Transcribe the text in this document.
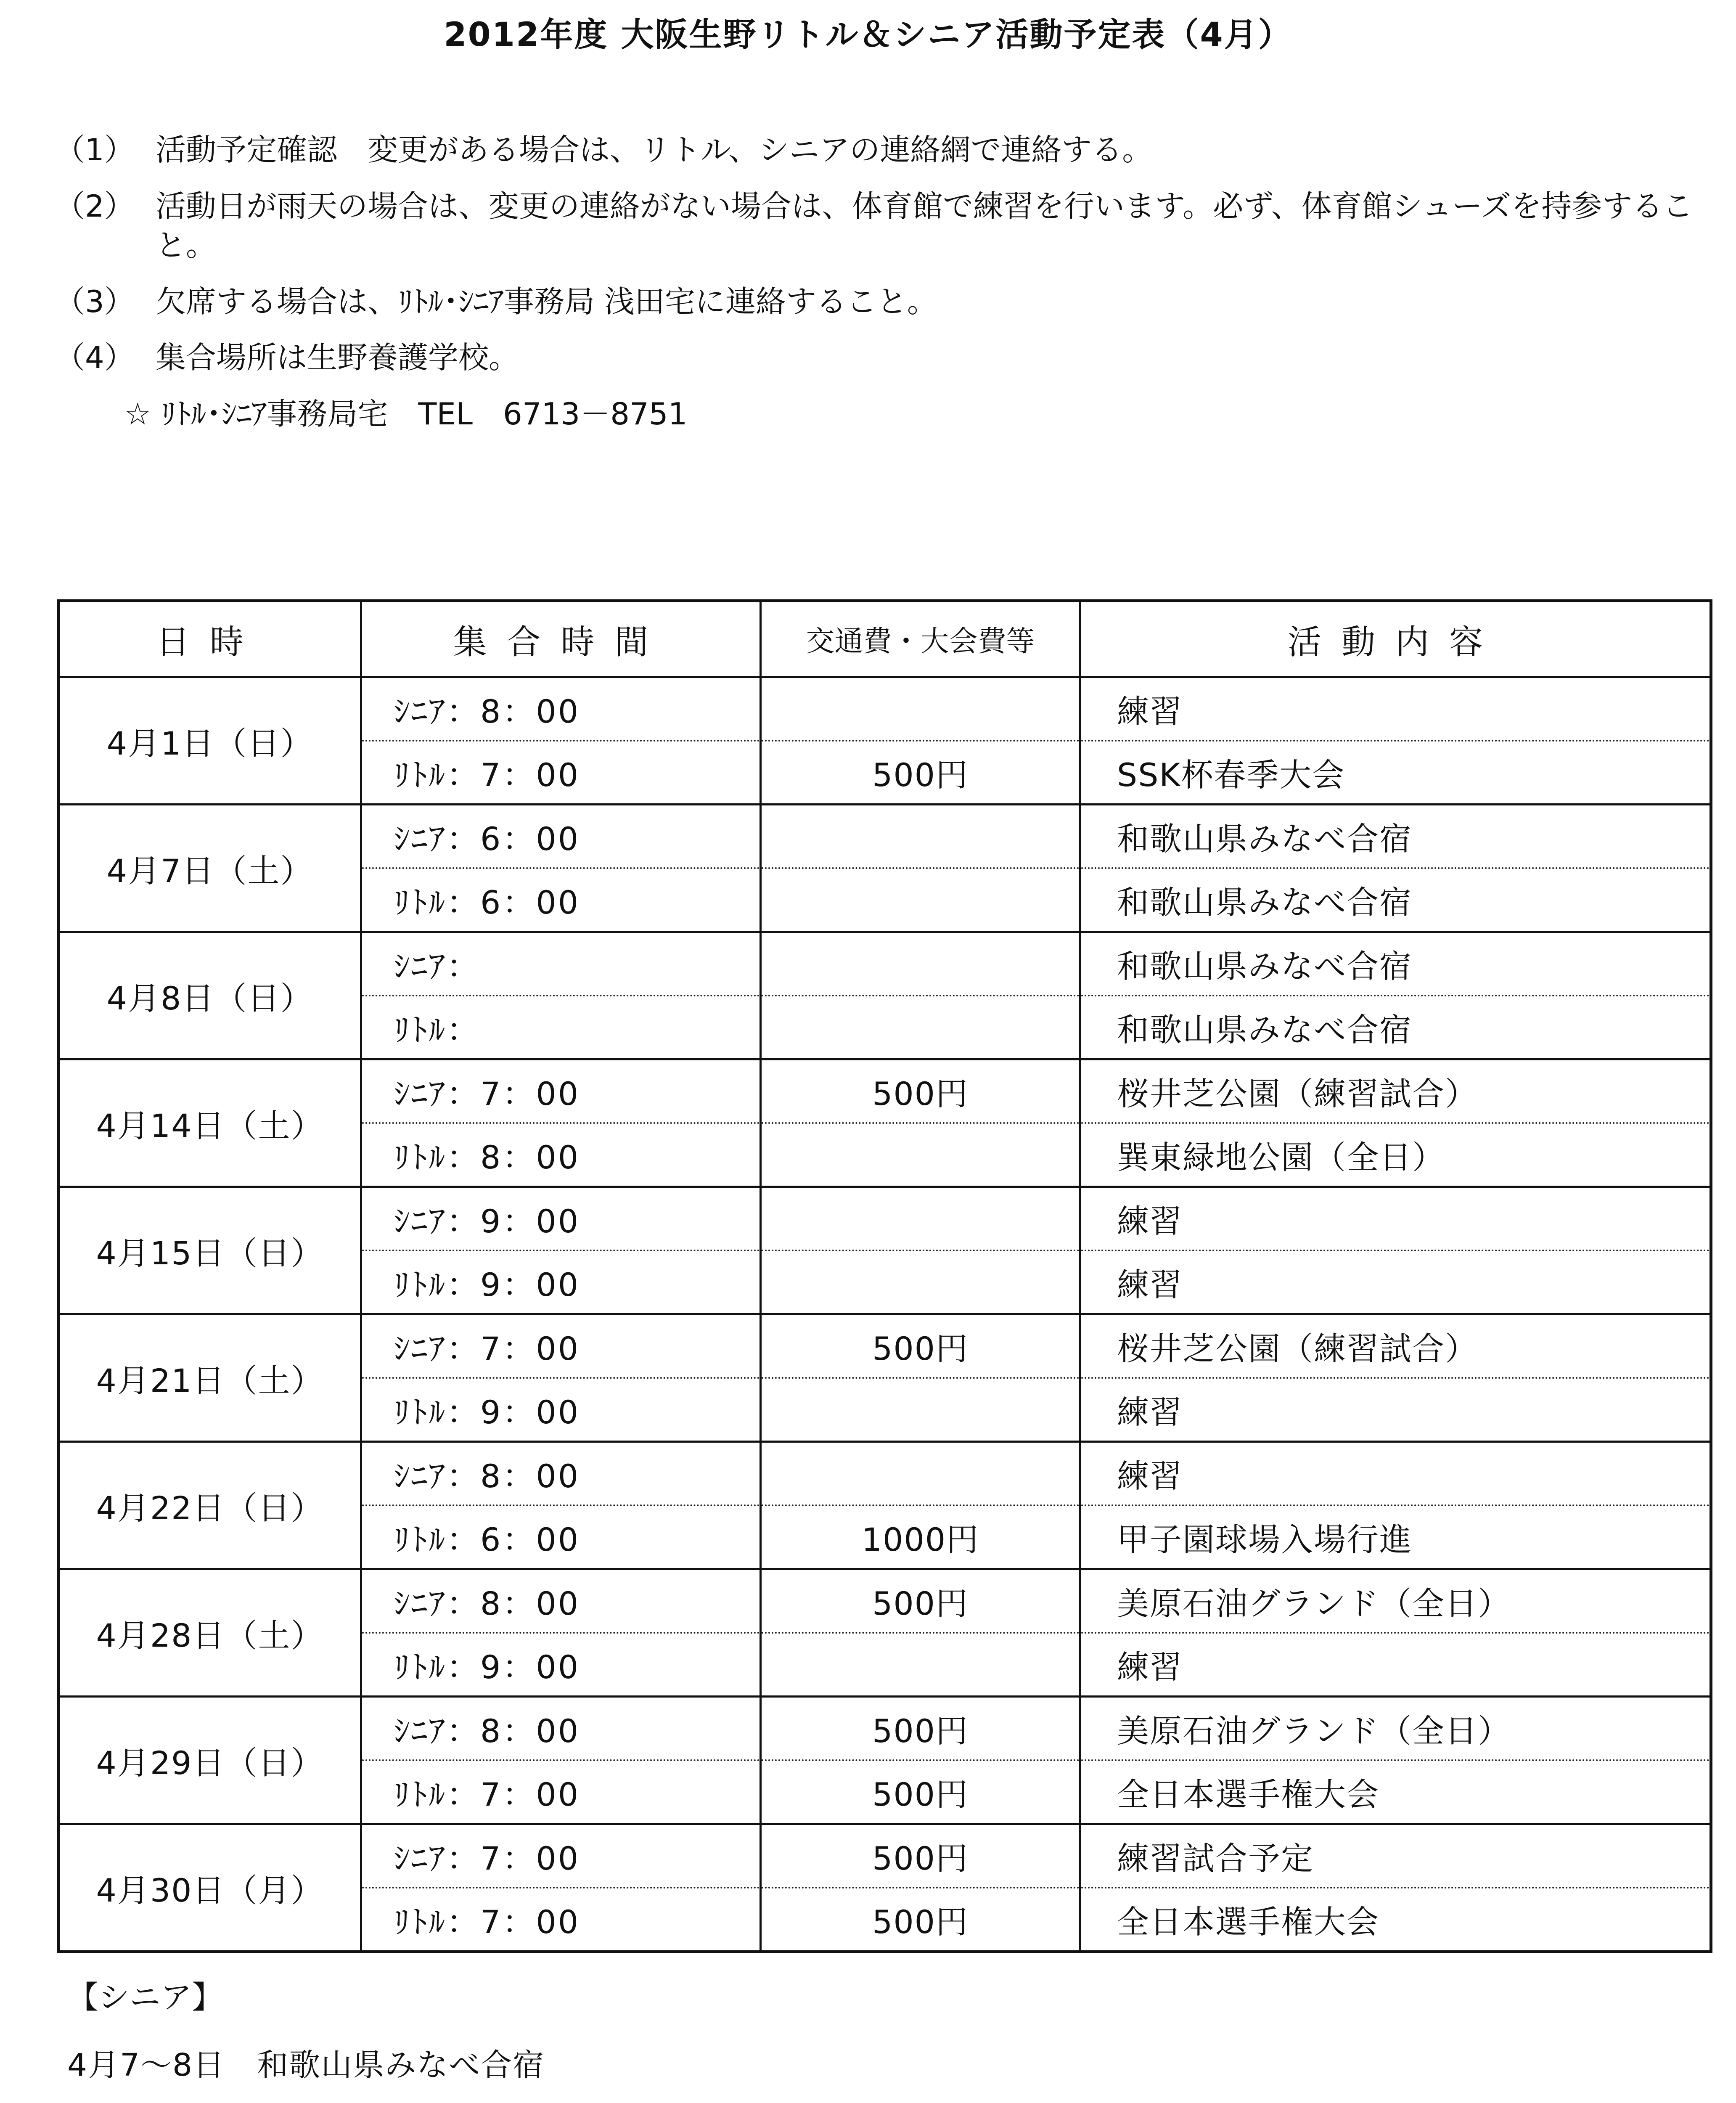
2012年度 大阪生野リトル＆シニア活動予定表（4月）
（1） 活動予定確認　変更がある場合は、リトル、シニアの連絡網で連絡する。
（2） 活動日が雨天の場合は、変更の連絡がない場合は、体育館で練習を行います。必ず、体育館シューズを持参すること。
（3） 欠席する場合は、ﾘﾄﾙ･ｼﾆｱ事務局 浅田宅に連絡すること。
（4） 集合場所は生野養護学校。
☆ ﾘﾄﾙ･ｼﾆｱ事務局宅　TEL　6713－8751
日時	集合時間	交通費・大会費等	活動内容
4月1日（日）	ｼﾆｱ：8：00		練習
	ﾘﾄﾙ：7：00	500円	SSK杯春季大会
4月7日（土）	ｼﾆｱ：6：00		和歌山県みなべ合宿
	ﾘﾄﾙ：6：00		和歌山県みなべ合宿
4月8日（日）	ｼﾆｱ：		和歌山県みなべ合宿
	ﾘﾄﾙ：		和歌山県みなべ合宿
4月14日（土）	ｼﾆｱ：7：00	500円	桜井芝公園（練習試合）
	ﾘﾄﾙ：8：00		巽東緑地公園（全日）
4月15日（日）	ｼﾆｱ：9：00		練習
	ﾘﾄﾙ：9：00		練習
4月21日（土）	ｼﾆｱ：7：00	500円	桜井芝公園（練習試合）
	ﾘﾄﾙ：9：00		練習
4月22日（日）	ｼﾆｱ：8：00		練習
	ﾘﾄﾙ：6：00	1000円	甲子園球場入場行進
4月28日（土）	ｼﾆｱ：8：00	500円	美原石油グランド（全日）
	ﾘﾄﾙ：9：00		練習
4月29日（日）	ｼﾆｱ：8：00	500円	美原石油グランド（全日）
	ﾘﾄﾙ：7：00	500円	全日本選手権大会
4月30日（月）	ｼﾆｱ：7：00	500円	練習試合予定
	ﾘﾄﾙ：7：00	500円	全日本選手権大会

【シニア】

4月7～8日　和歌山県みなべ合宿
